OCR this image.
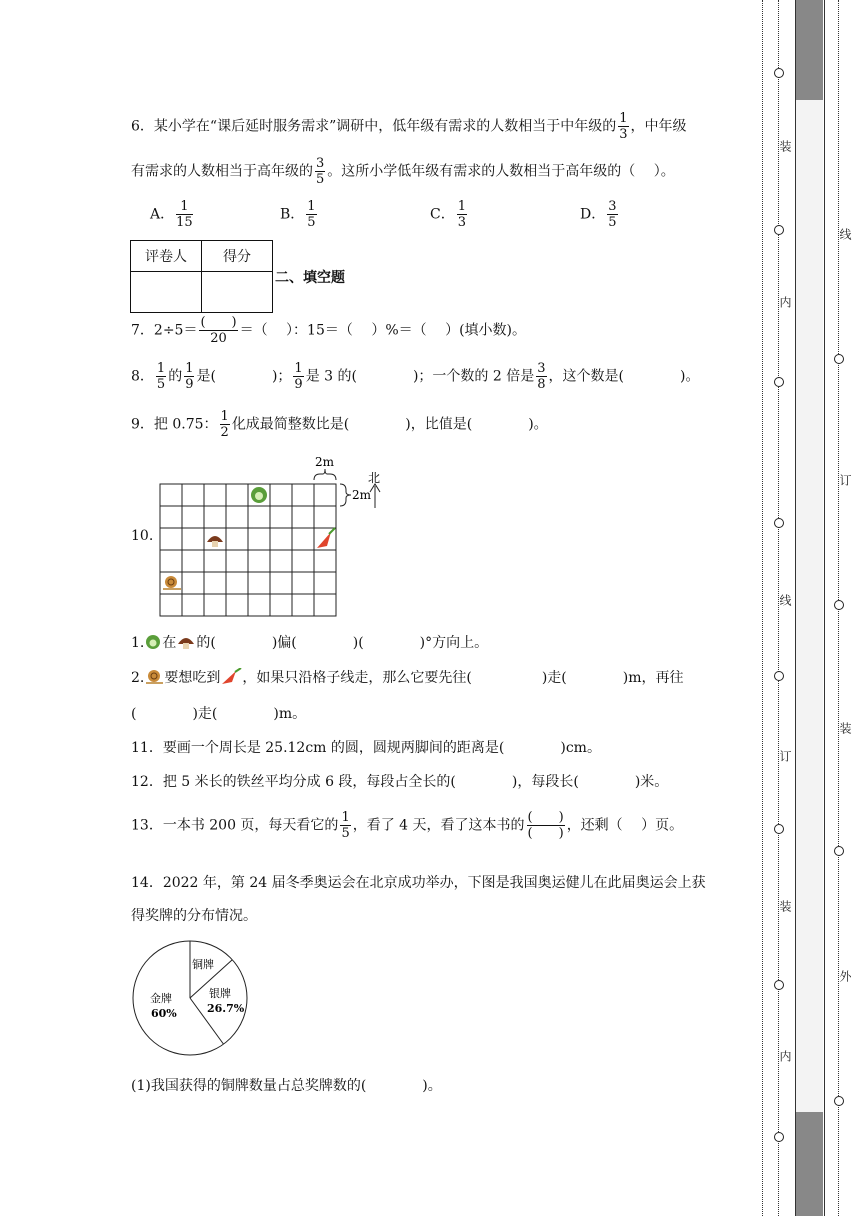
6．某小学在“课后延时服务需求”调研中，低年级有需求的人数相当于中年级的 $\frac{1}{3}$ ，中年级
有需求的人数相当于高年级的 $\frac{3}{5}$ 。这所小学低年级有需求的人数相当于高年级的（　 ）。
A． $\frac{1}{15}$	B． $\frac{1}{5}$	C． $\frac{1}{3}$	D． $\frac{3}{5}$
评卷人	得分

二、填空题
7．$2\div 5= \frac{( )}{20}$ ＝（　 ）：15＝（　 ）%＝（　 ）(填小数)。
8． $\frac{1}{5}$ 的 $\frac{1}{9}$ 是(　　　　)； $\frac{1}{9}$ 是 3 的(　　　　)；一个数的 2 倍是 $\frac{3}{8}$ ，这个数是(　　　　)。
9．把 0.75： $\frac{1}{2}$ 化成最简整数比是(　　　　)，比值是(　　　　)。
10.
2m
2m
北
1. 在 的(　　　　)偏(　　　　)(　　　　)°方向上。
2. 要想吃到 ，如果只沿格子线走，那么它要先往(　　　　　)走(　　　　)m，再往
(　　　　)走(　　　　)m。
11．要画一个周长是 25.12cm 的圆，圆规两脚间的距离是(　　　　)cm。
12．把 5 米长的铁丝平均分成 6 段，每段占全长的(　　　　)，每段长(　　　　)米。
13．一本书 200 页，每天看它的 $\frac{1}{5}$ ，看了 4 天，看了这本书的 $\frac{( )}{( )}$ ，还剩（　 ）页。
14．2022 年，第 24 届冬季奥运会在北京成功举办，下图是我国奥运健儿在此届奥运会上获
得奖牌的分布情况。
金牌
60%
银牌
26.7%
铜牌
(1)我国获得的铜牌数量占总奖牌数的(　　　　)。
装
内
线
订
装
内
线
订
装
外
